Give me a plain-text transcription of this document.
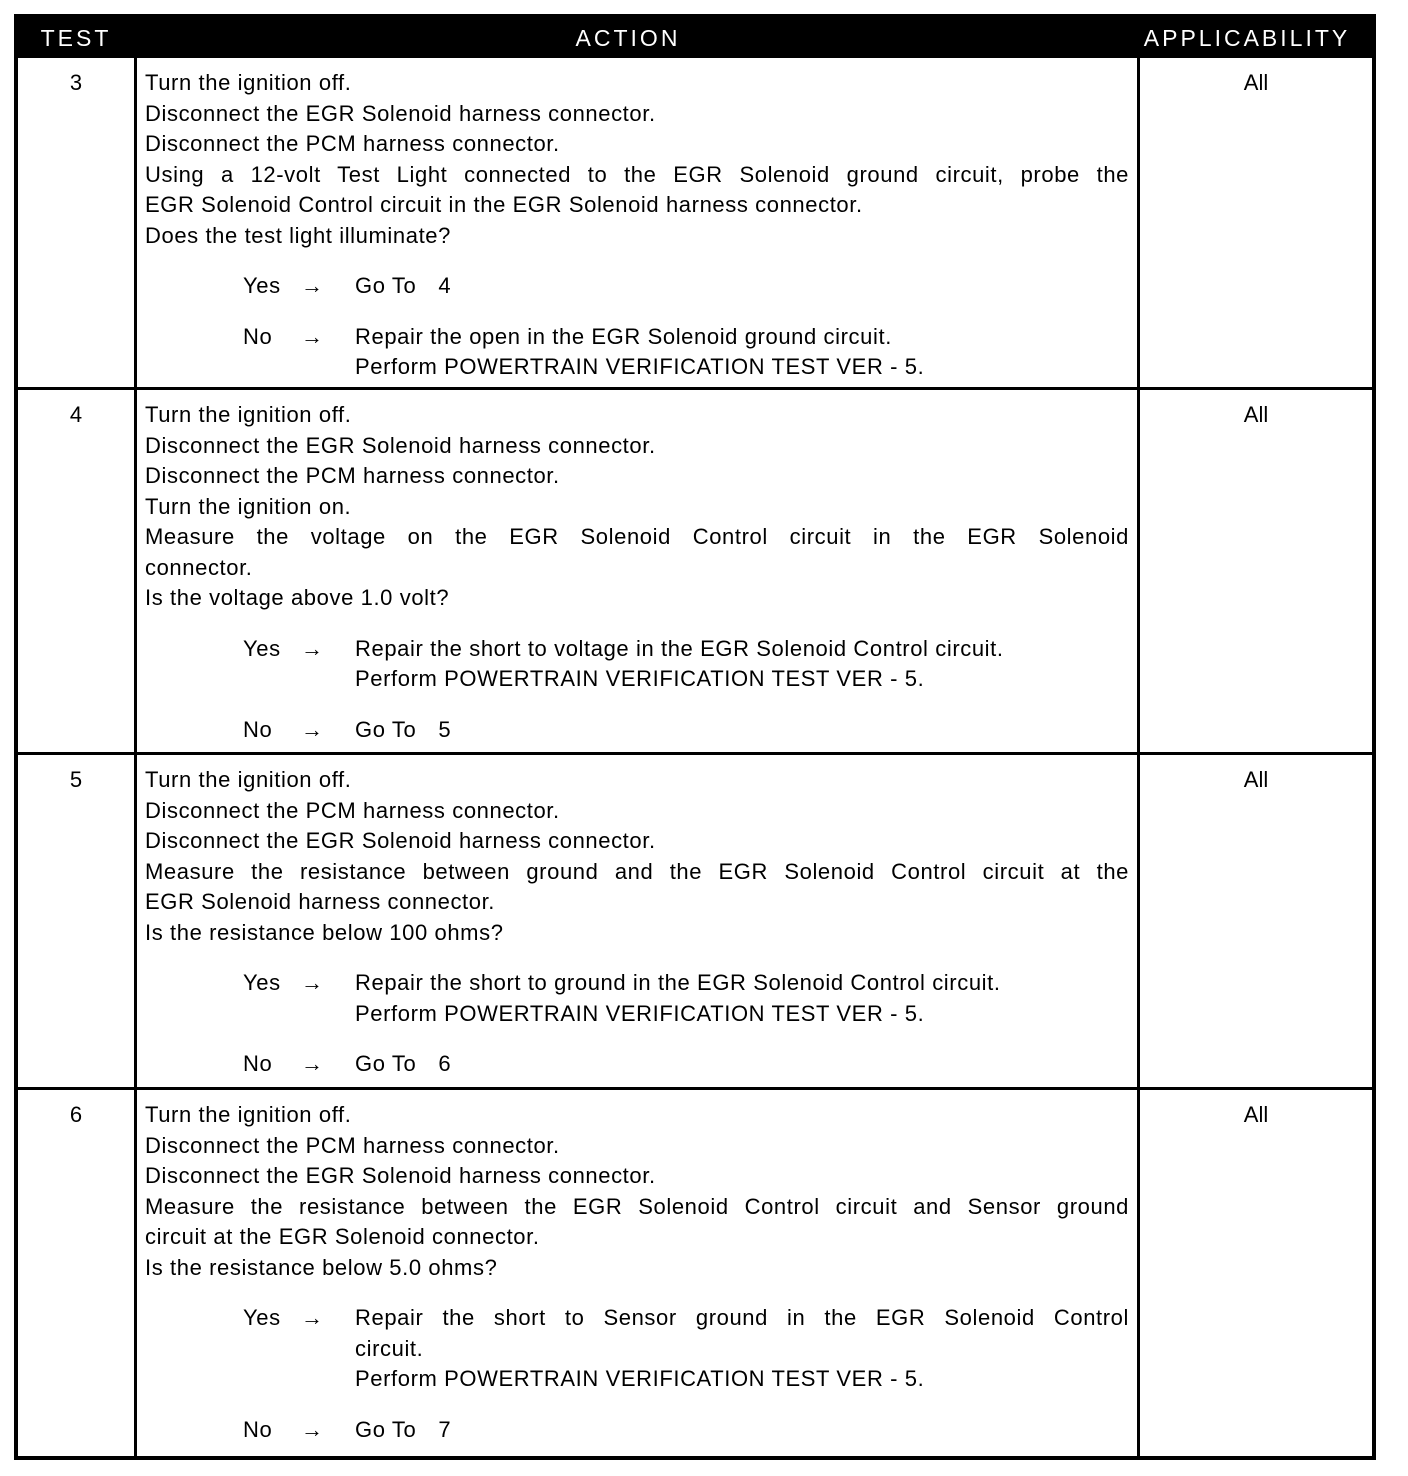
TEST	ACTION	APPLICABILITY
3	Turn the ignition off.
Disconnect the EGR Solenoid harness connector.
Disconnect the PCM harness connector.
Using a 12-volt Test Light connected to the EGR Solenoid ground circuit, probe the
EGR Solenoid Control circuit in the EGR Solenoid harness connector.
Does the test light illuminate?
Yes →	Go To 4
No	→	Repair the open in the EGR Solenoid ground circuit.
Perform POWERTRAIN VERIFICATION TEST VER - 5.
All
4	Turn the ignition off.
Disconnect the EGR Solenoid harness connector.
Disconnect the PCM harness connector.
Turn the ignition on.
Measure the voltage on the EGR Solenoid Control circuit in the EGR Solenoid
connector.
Is the voltage above 1.0 volt?
Yes →	Repair the short to voltage in the EGR Solenoid Control circuit.
Perform POWERTRAIN VERIFICATION TEST VER - 5.
No	→	Go To 5
All
5	Turn the ignition off.
Disconnect the PCM harness connector.
Disconnect the EGR Solenoid harness connector.
Measure the resistance between ground and the EGR Solenoid Control circuit at the
EGR Solenoid harness connector.
Is the resistance below 100 ohms?
Yes →	Repair the short to ground in the EGR Solenoid Control circuit.
Perform POWERTRAIN VERIFICATION TEST VER - 5.
No	→	Go To 6
All
6	Turn the ignition off.
Disconnect the PCM harness connector.
Disconnect the EGR Solenoid harness connector.
Measure the resistance between the EGR Solenoid Control circuit and Sensor ground
circuit at the EGR Solenoid connector.
Is the resistance below 5.0 ohms?
Yes →	Repair the short to Sensor ground in the EGR Solenoid Control
circuit.
Perform POWERTRAIN VERIFICATION TEST VER - 5.
No	→	Go To 7
All
